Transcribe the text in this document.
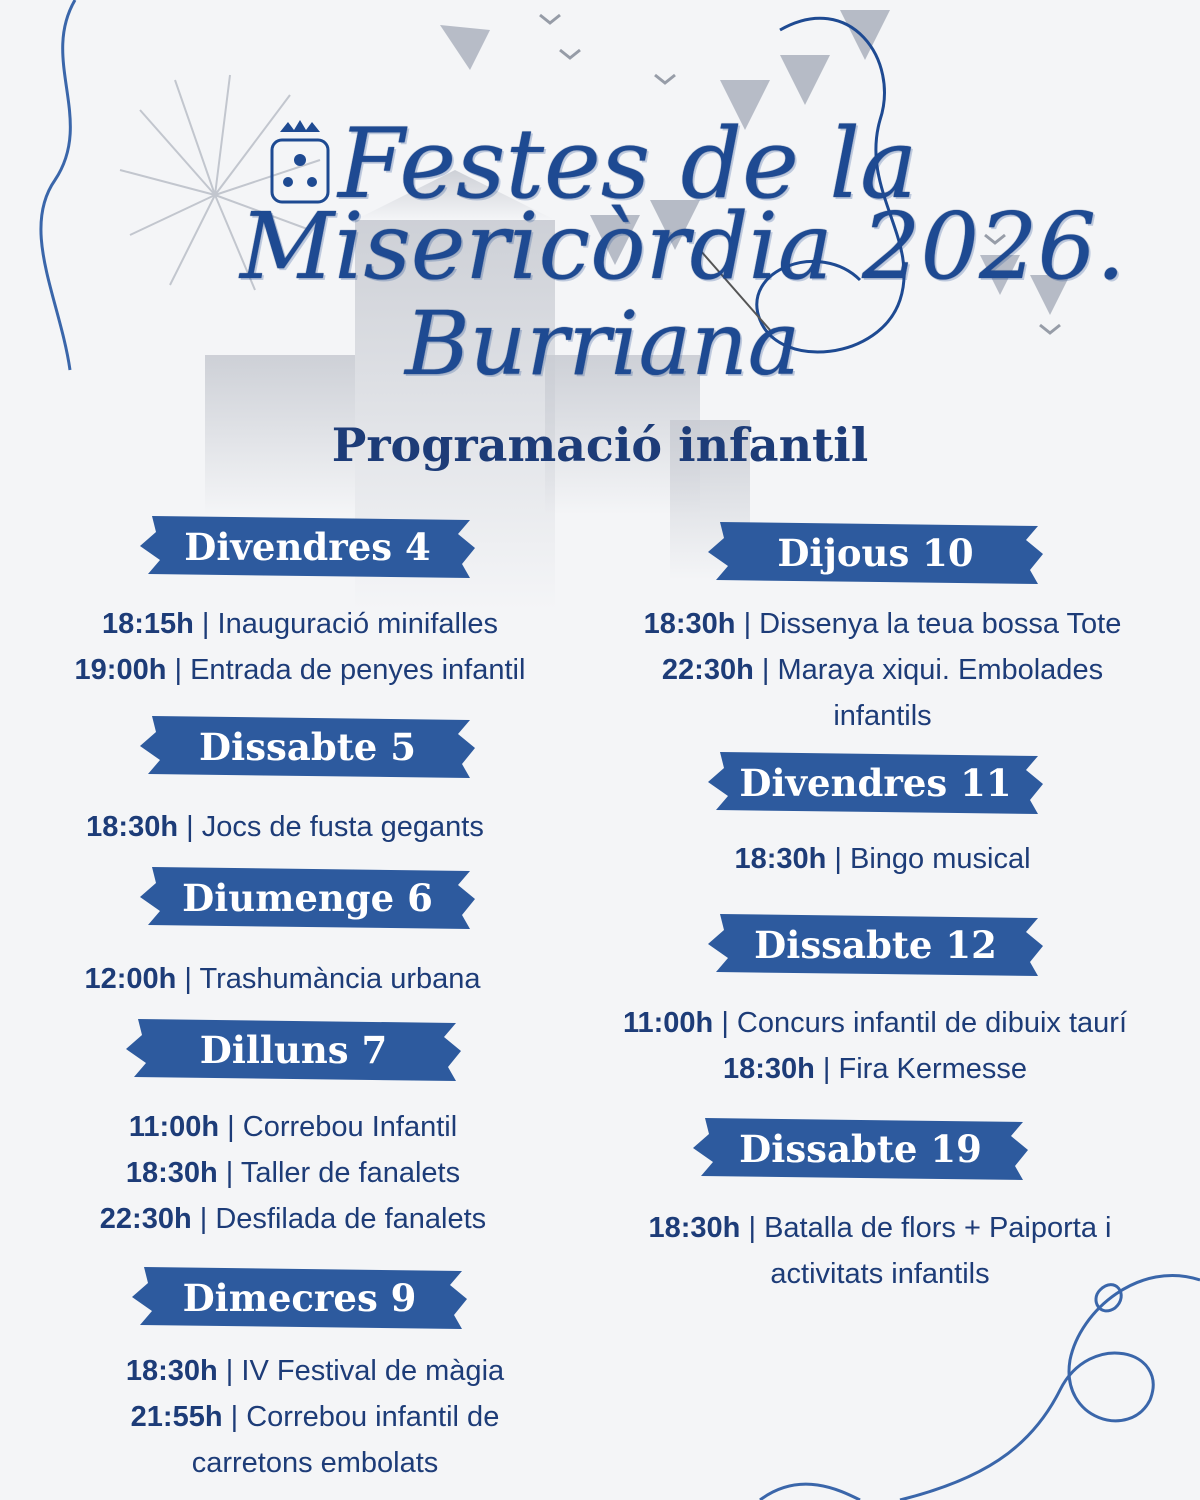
Festes de la
Misericòrdia 2026.
Burriana
Programació infantil
Divendres 4
18:15h | Inauguració minifalles
19:00h | Entrada de penyes infantil
Dissabte 5
18:30h | Jocs de fusta gegants
Diumenge 6
12:00h | Trashumància urbana
Dilluns 7
11:00h | Correbou Infantil
18:30h | Taller de fanalets
22:30h | Desfilada de fanalets
Dimecres 9
18:30h | IV Festival de màgia
21:55h | Correbou infantil de carretons embolats
Dijous 10
18:30h | Dissenya la teua bossa Tote
22:30h | Maraya xiqui. Embolades infantils
Divendres 11
18:30h | Bingo musical
Dissabte 12
11:00h | Concurs infantil de dibuix taurí
18:30h | Fira Kermesse
Dissabte 19
18:30h | Batalla de flors + Paiporta i activitats infantils
